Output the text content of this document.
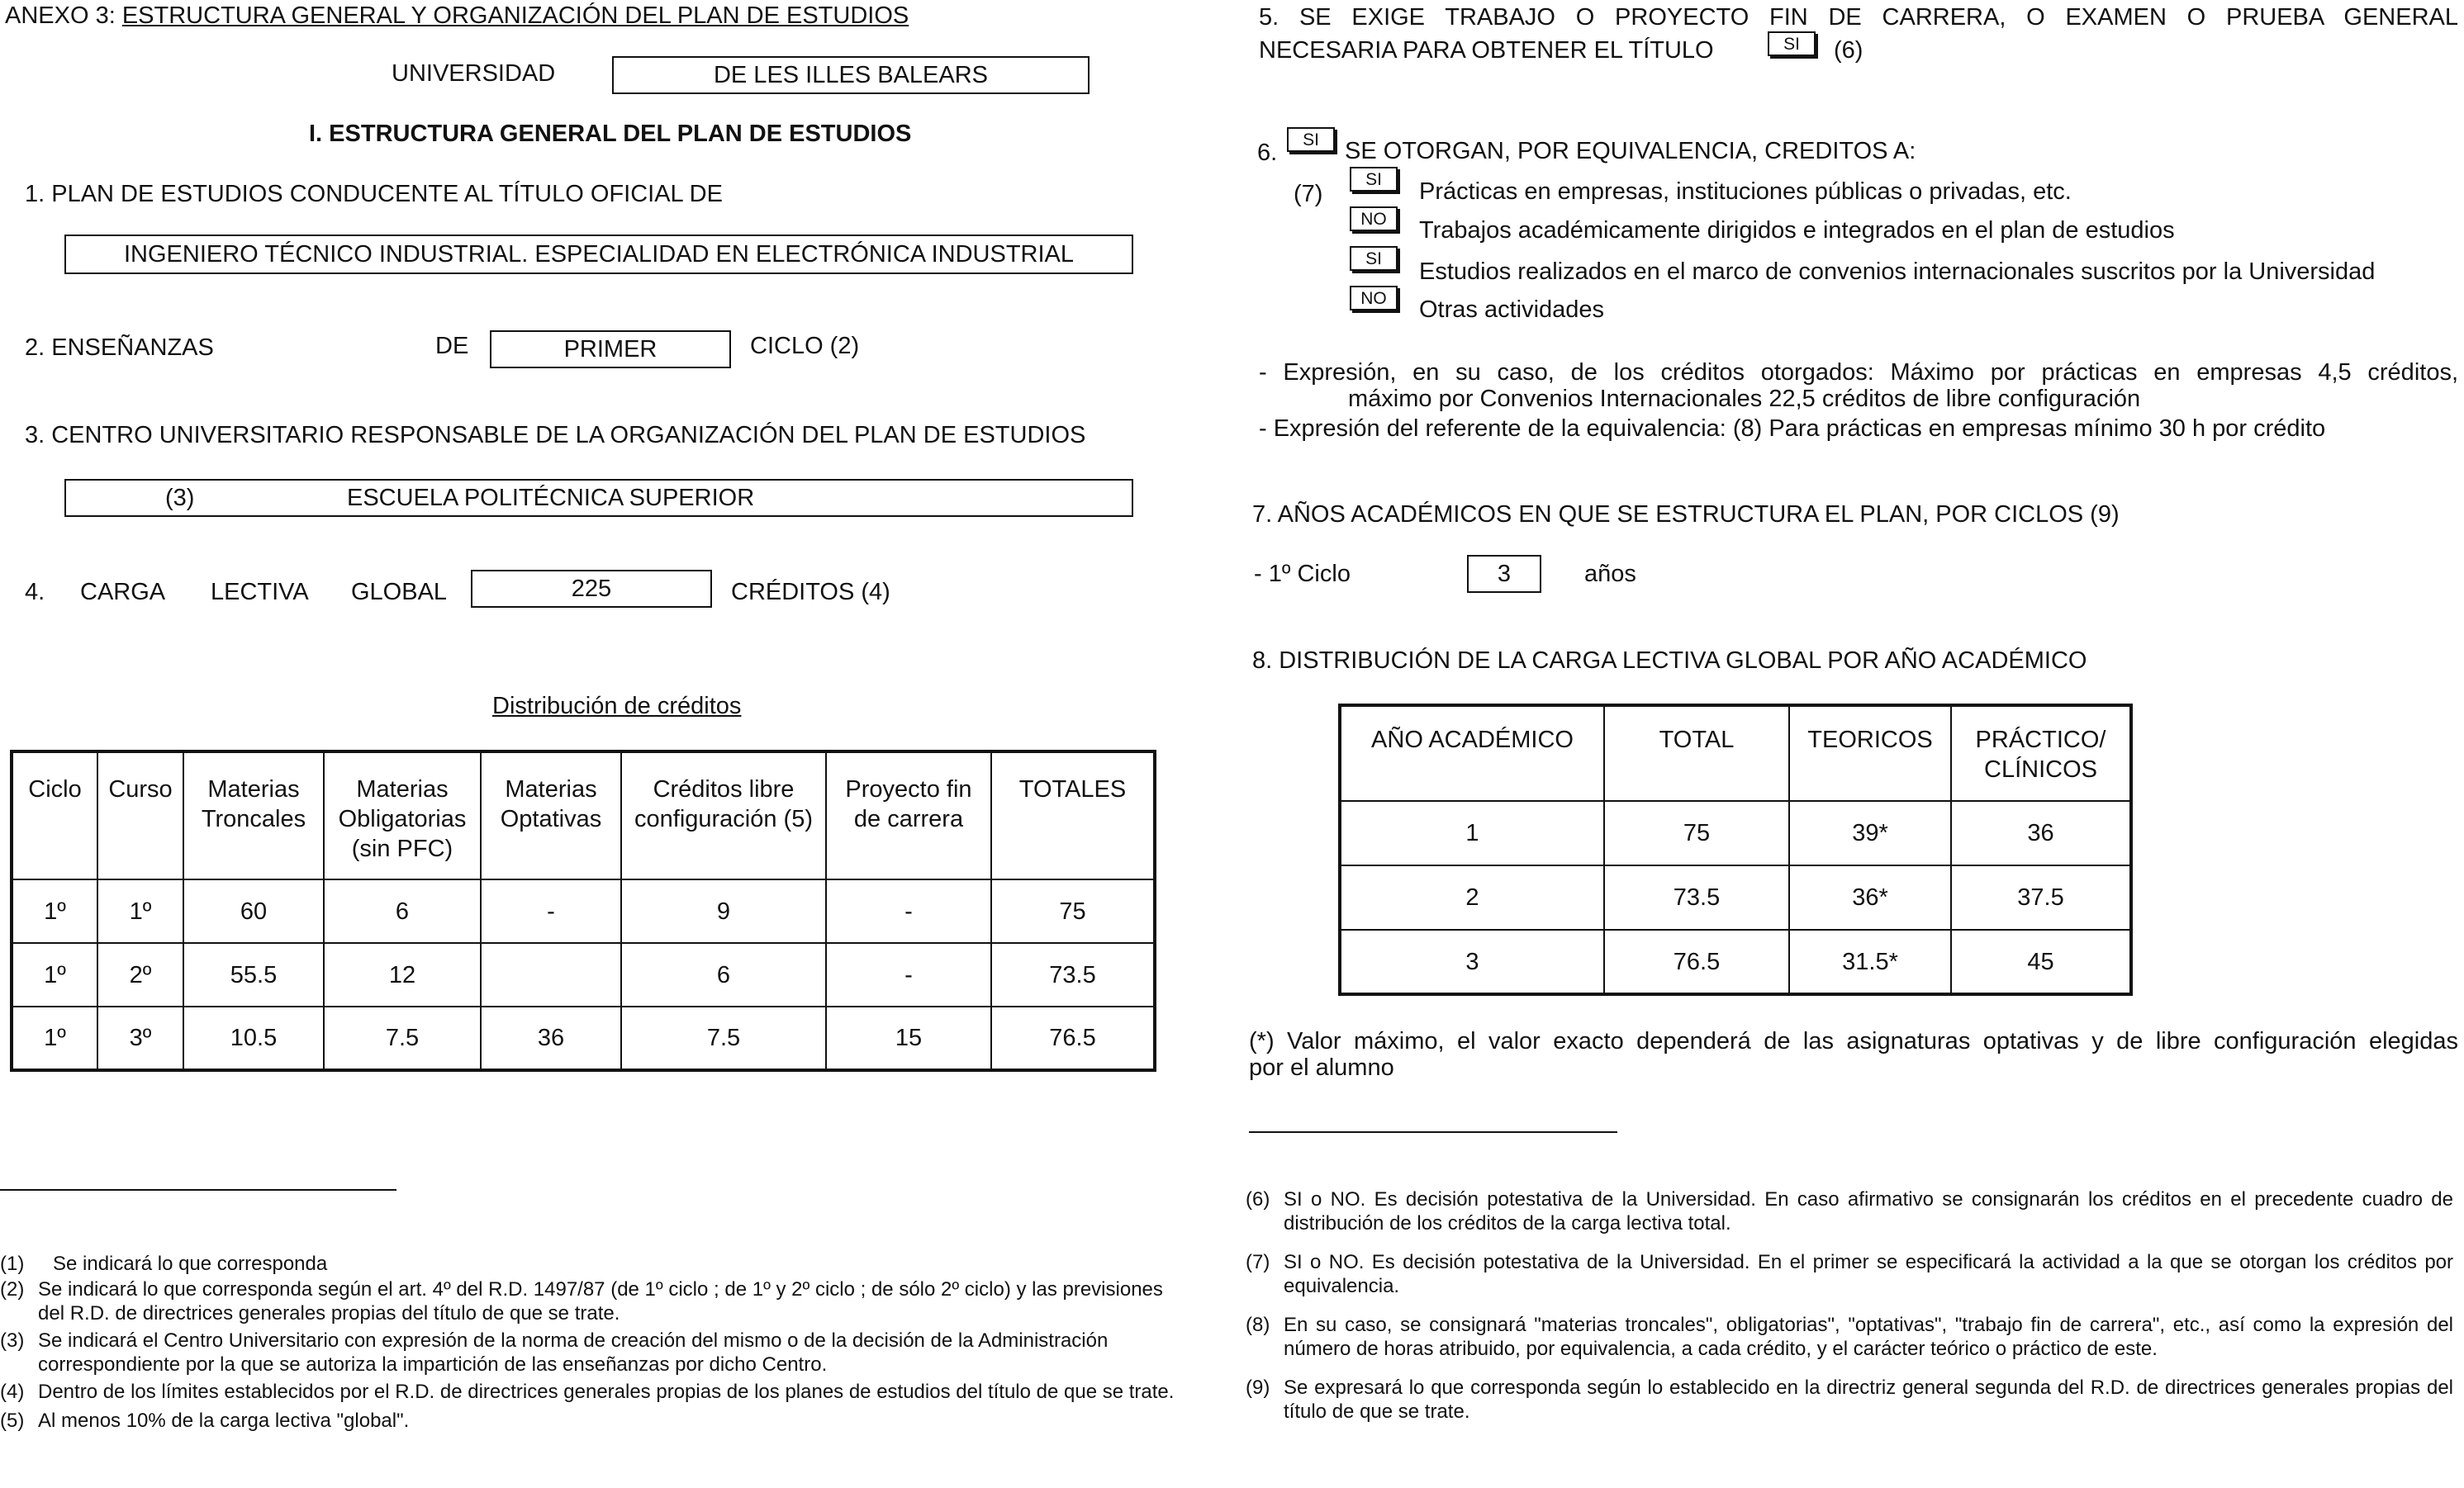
ANEXO 3: ESTRUCTURA GENERAL Y ORGANIZACIÓN DEL PLAN DE ESTUDIOS
UNIVERSIDAD	DE LES ILLES BALEARS
I. ESTRUCTURA GENERAL DEL PLAN DE ESTUDIOS
1. PLAN DE ESTUDIOS CONDUCENTE AL TÍTULO OFICIAL DE
INGENIERO TÉCNICO INDUSTRIAL. ESPECIALIDAD EN ELECTRÓNICA INDUSTRIAL
2. ENSEÑANZAS	DE	PRIMER	CICLO (2)
3. CENTRO UNIVERSITARIO RESPONSABLE DE LA ORGANIZACIÓN DEL PLAN DE ESTUDIOS
(3)	ESCUELA POLITÉCNICA SUPERIOR
4. CARGA LECTIVA GLOBAL	225	CRÉDITOS (4)
Distribución de créditos
Ciclo	Curso	Materias Troncales	Materias Obligatorias (sin PFC)	Materias Optativas	Créditos libre configuración (5)	Proyecto fin de carrera	TOTALES
1º	1º	60	6	-	9	-	75
1º	2º	55.5	12		6	-	73.5
1º	3º	10.5	7.5	36	7.5	15	76.5
(1)	Se indicará lo que corresponda
(2) Se indicará lo que corresponda según el art. 4º del R.D. 1497/87 (de 1º ciclo ; de 1º y 2º ciclo ; de sólo 2º ciclo) y las previsiones del R.D. de directrices generales propias del título de que se trate.
(3) Se indicará el Centro Universitario con expresión de la norma de creación del mismo o de la decisión de la Administración correspondiente por la que se autoriza la impartición de las enseñanzas por dicho Centro.
(4) Dentro de los límites establecidos por el R.D. de directrices generales propias de los planes de estudios del título de que se trate.
(5) Al menos 10% de la carga lectiva "global".
5. SE EXIGE TRABAJO O PROYECTO FIN DE CARRERA, O EXAMEN O PRUEBA GENERAL
NECESARIA PARA OBTENER EL TÍTULO	SI	(6)
6.	SI	SE OTORGAN, POR EQUIVALENCIA, CREDITOS A:
(7)
SI	Prácticas en empresas, instituciones públicas o privadas, etc.
NO	Trabajos académicamente dirigidos e integrados en el plan de estudios
SI	Estudios realizados en el marco de convenios internacionales suscritos por la Universidad
NO	Otras actividades
- Expresión, en su caso, de los créditos otorgados: Máximo por prácticas en empresas 4,5 créditos,
máximo por Convenios Internacionales 22,5 créditos de libre configuración
- Expresión del referente de la equivalencia: (8) Para prácticas en empresas mínimo 30 h por crédito
7. AÑOS ACADÉMICOS EN QUE SE ESTRUCTURA EL PLAN, POR CICLOS (9)
- 1º Ciclo	3	años
8. DISTRIBUCIÓN DE LA CARGA LECTIVA GLOBAL POR AÑO ACADÉMICO
AÑO ACADÉMICO	TOTAL	TEORICOS	PRÁCTICO/ CLÍNICOS
1	75	39*	36
2	73.5	36*	37.5
3	76.5	31.5*	45
(*) Valor máximo, el valor exacto dependerá de las asignaturas optativas y de libre configuración elegidas
por el alumno
(6) SI o NO. Es decisión potestativa de la Universidad. En caso afirmativo se consignarán los créditos en el precedente cuadro de distribución de los créditos de la carga lectiva total.
(7) SI o NO. Es decisión potestativa de la Universidad. En el primer se especificará la actividad a la que se otorgan los créditos por equivalencia.
(8) En su caso, se consignará "materias troncales", obligatorias", "optativas", "trabajo fin de carrera", etc., así como la expresión del número de horas atribuido, por equivalencia, a cada crédito, y el carácter teórico o práctico de este.
(9) Se expresará lo que corresponda según lo establecido en la directriz general segunda del R.D. de directrices generales propias del título de que se trate.
